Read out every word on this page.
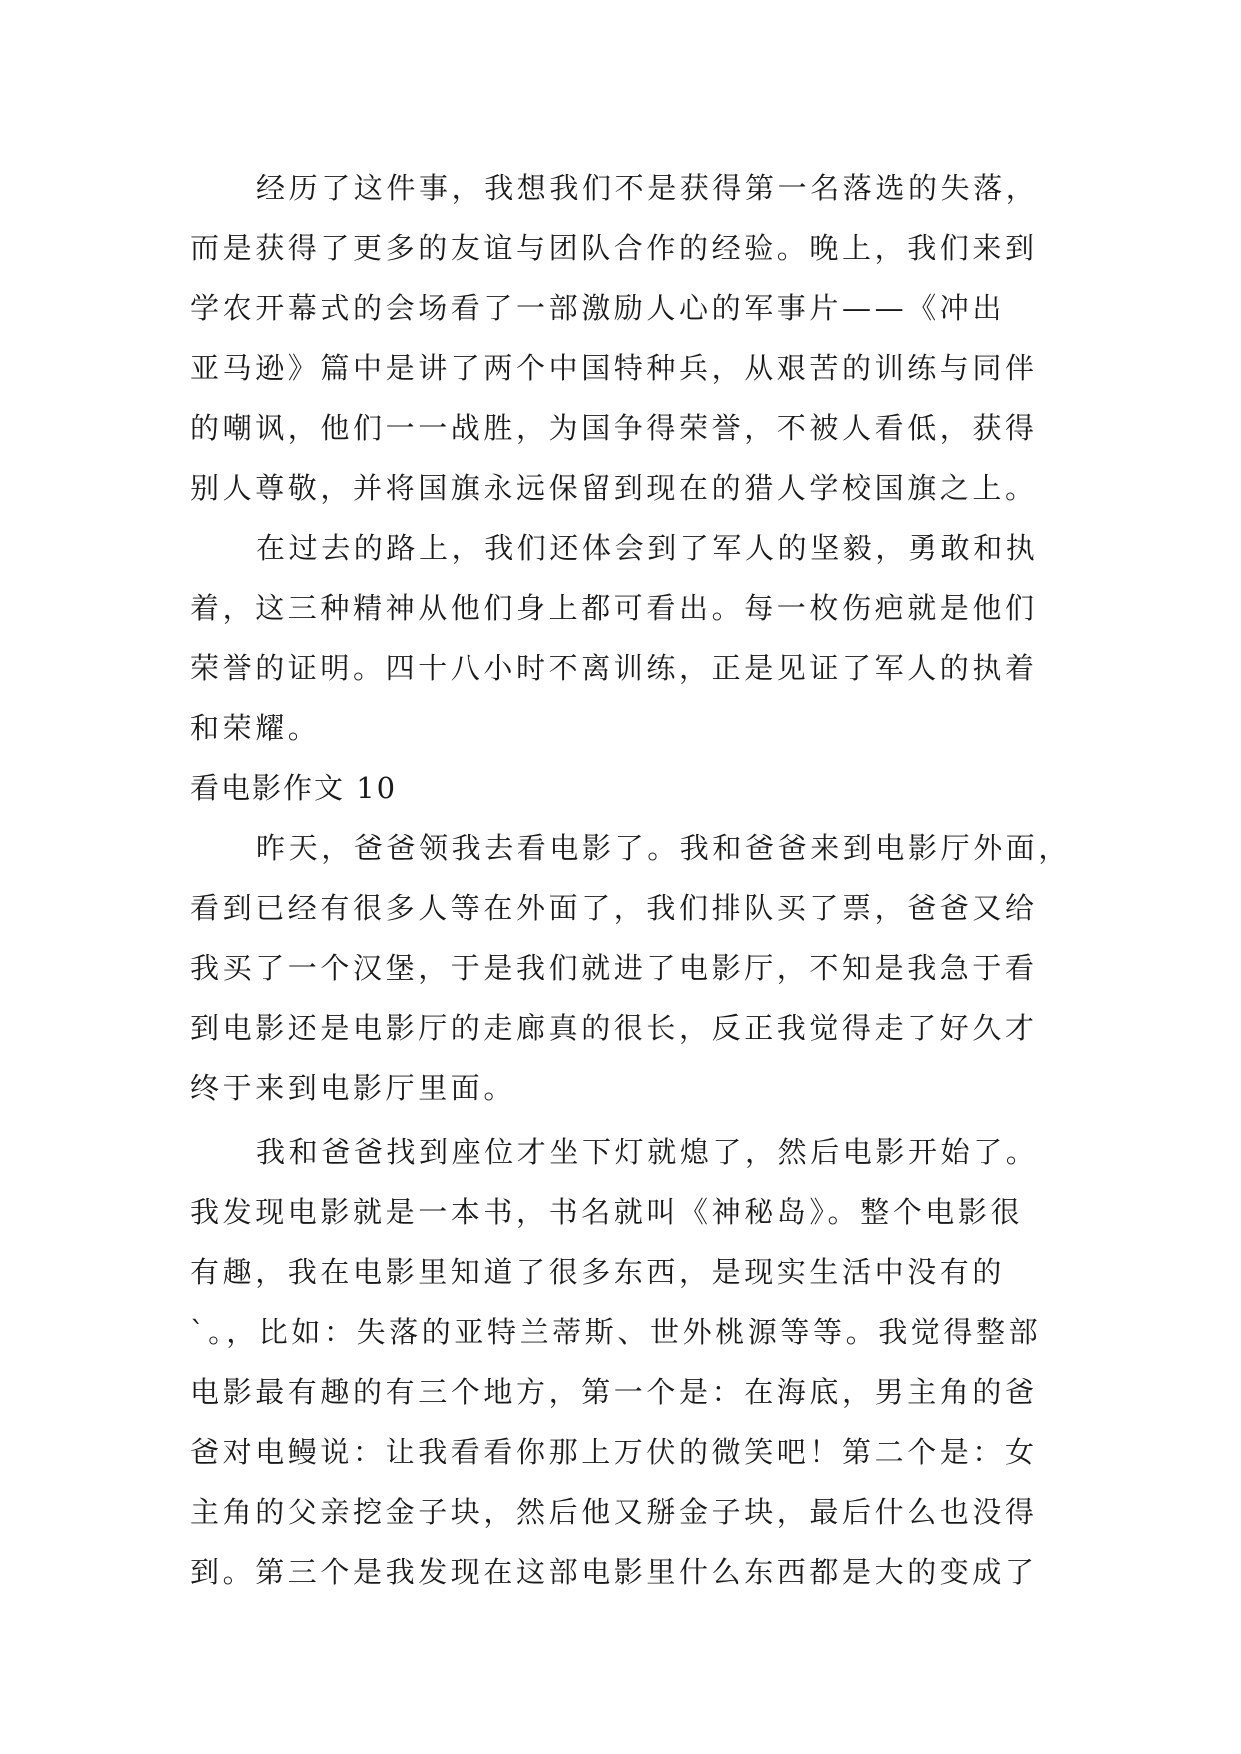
经历了这件事，我想我们不是获得第一名落选的失落，
而是获得了更多的友谊与团队合作的经验。晚上，我们来到
学农开幕式的会场看了一部激励人心的军事片——《冲出
亚马逊》篇中是讲了两个中国特种兵，从艰苦的训练与同伴
的嘲讽，他们一一战胜，为国争得荣誉，不被人看低，获得
别人尊敬，并将国旗永远保留到现在的猎人学校国旗之上。
在过去的路上，我们还体会到了军人的坚毅，勇敢和执
着，这三种精神从他们身上都可看出。每一枚伤疤就是他们
荣誉的证明。四十八小时不离训练，正是见证了军人的执着
和荣耀。
看电影作文 10
昨天，爸爸领我去看电影了。我和爸爸来到电影厅外面，
看到已经有很多人等在外面了，我们排队买了票，爸爸又给
我买了一个汉堡，于是我们就进了电影厅，不知是我急于看
到电影还是电影厅的走廊真的很长，反正我觉得走了好久才
终于来到电影厅里面。
我和爸爸找到座位才坐下灯就熄了，然后电影开始了。
我发现电影就是一本书，书名就叫《神秘岛》。整个电影很
有趣，我在电影里知道了很多东西，是现实生活中没有的
`。，比如：失落的亚特兰蒂斯、世外桃源等等。我觉得整部
电影最有趣的有三个地方，第一个是：在海底，男主角的爸
爸对电鳗说：让我看看你那上万伏的微笑吧！第二个是：女
主角的父亲挖金子块，然后他又掰金子块，最后什么也没得
到。第三个是我发现在这部电影里什么东西都是大的变成了
